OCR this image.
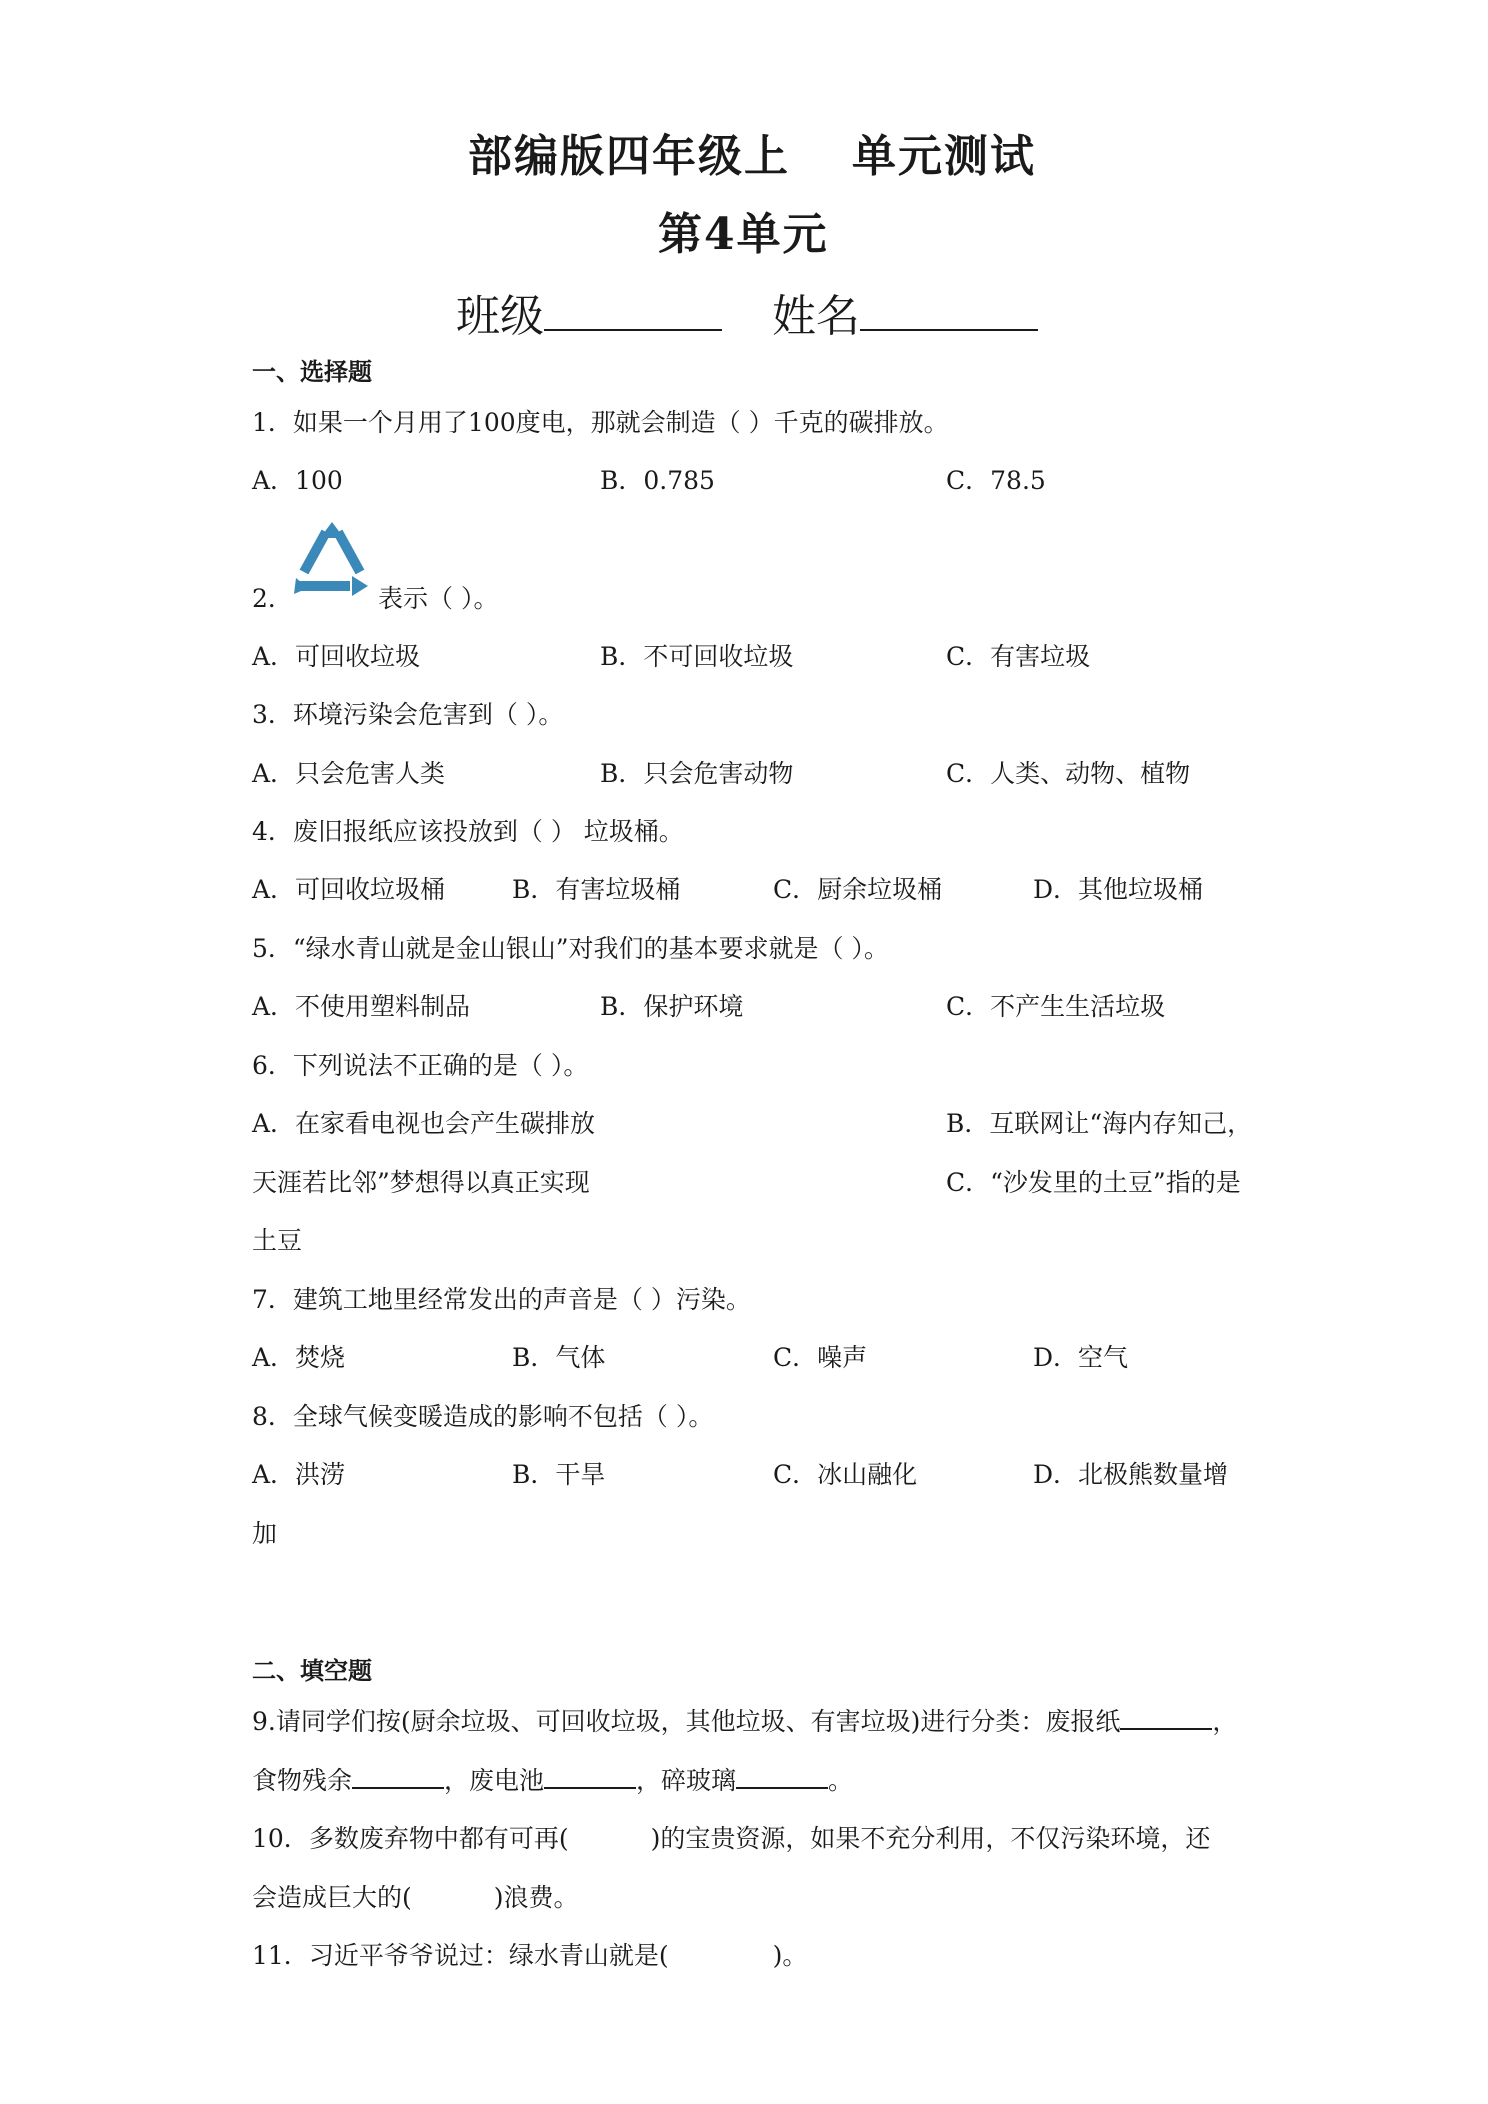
部编版四年级上 单元测试
第4单元
班级	姓名
一、选择题
1．如果一个月用了100度电，那就会制造（ ）千克的碳排放。
A．100	B．0.785	C．78.5
2．	表示（ ）。
A．可回收垃圾	B．不可回收垃圾	C．有害垃圾
3．环境污染会危害到（ ）。
A．只会危害人类	B．只会危害动物	C．人类、动物、植物
4．废旧报纸应该投放到（ ） 垃圾桶。
A．可回收垃圾桶	B．有害垃圾桶	C．厨余垃圾桶	D．其他垃圾桶
5．“绿水青山就是金山银山”对我们的基本要求就是（ ）。
A．不使用塑料制品	B．保护环境	C．不产生生活垃圾
6．下列说法不正确的是（ ）。
A．在家看电视也会产生碳排放	B．互联网让“海内存知己，
天涯若比邻”梦想得以真正实现	C．“沙发里的土豆”指的是
土豆
7．建筑工地里经常发出的声音是（ ）污染。
A．焚烧	B．气体	C．噪声	D．空气
8．全球气候变暖造成的影响不包括（ ）。
A．洪涝	B．干旱	C．冰山融化	D．北极熊数量增
加
二、填空题
9.请同学们按(厨余垃圾、可回收垃圾，其他垃圾、有害垃圾)进行分类：废报纸	，
食物残余	，废电池	，碎玻璃	。
10．多数废弃物中都有可再(	)的宝贵资源，如果不充分利用，不仅污染环境，还
会造成巨大的(	)浪费。
11．习近平爷爷说过：绿水青山就是(	)。
